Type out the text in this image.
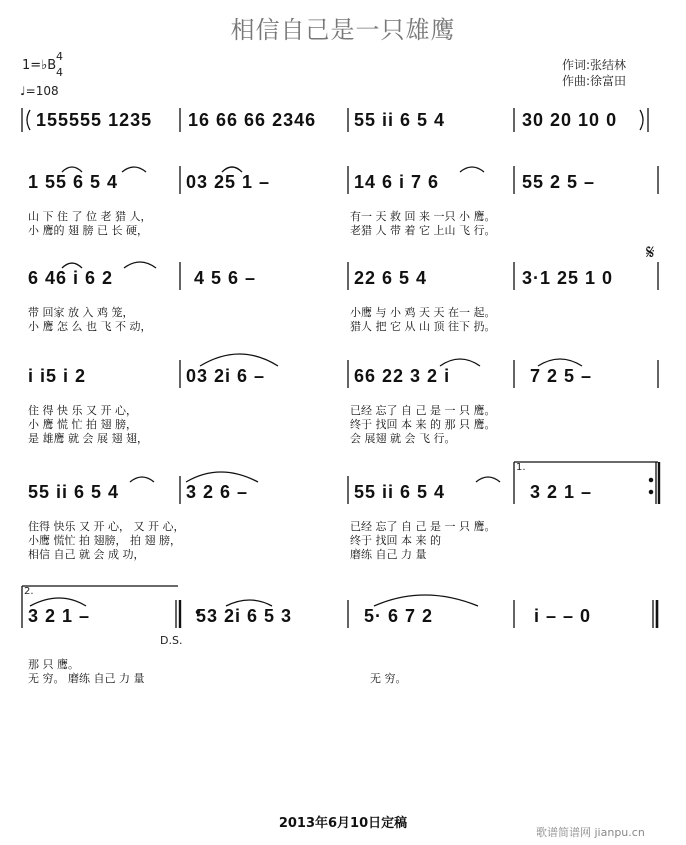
相信自己是一只雄鹰
1=♭B
4
4
♩=108
作词:张结林
作曲:徐富田
155555 1235 16 66 66 2346 55 ii 6 5 4	30 20 10 0
1 55 6 5 4	03 25 1 –	14 6 i 7 6	55 2 5 –
6 46 i 6 2	4 5 6 –	22 6 5 4	3·1 25 1 0
i i5 i 2	03 2i 6 –	66 22 3 2 i	7 2 5 –
55 ii 6 5 4	3 2 6 –	55 ii 6 5 4	3 2 1 –
3 2 1 –	53 2i 6 5 3	5· 6 7 2	i – – 0
1.
2.
D.S.
𝄋
山 下 住 了 位 老 猎 人，	有一 天 救 回 来 一只 小 鹰。
小 鹰的 翅 膀 已 长 硬，	老猎 人 带 着 它 上山 飞 行。
带 回家 放 入 鸡 笼，	小鹰 与 小 鸡 天 天 在一 起。
小 鹰 怎 么 也 飞 不 动，	猎人 把 它 从 山 顶 往下 扔。
住 得 快 乐 又 开 心，	已经 忘了 自 己 是 一 只 鹰。
小 鹰 慌 忙 拍 翅 膀，	终于 找回 本 来 的 那 只 鹰。
是 雄鹰 就 会 展 翅 翅，	会 展翅 就 会 飞 行。
住得 快乐 又 开 心， 又 开 心，	已经 忘了 自 己 是 一 只 鹰。
小鹰 慌忙 拍 翅膀， 拍 翅 膀，	终于 找回 本 来 的
相信 自己 就 会 成 功，	磨练 自己 力 量
那 只 鹰。
无 穷。 磨练 自己 力 量	无 穷。
2013年6月10日定稿
歌谱简谱网 jianpu.cn
